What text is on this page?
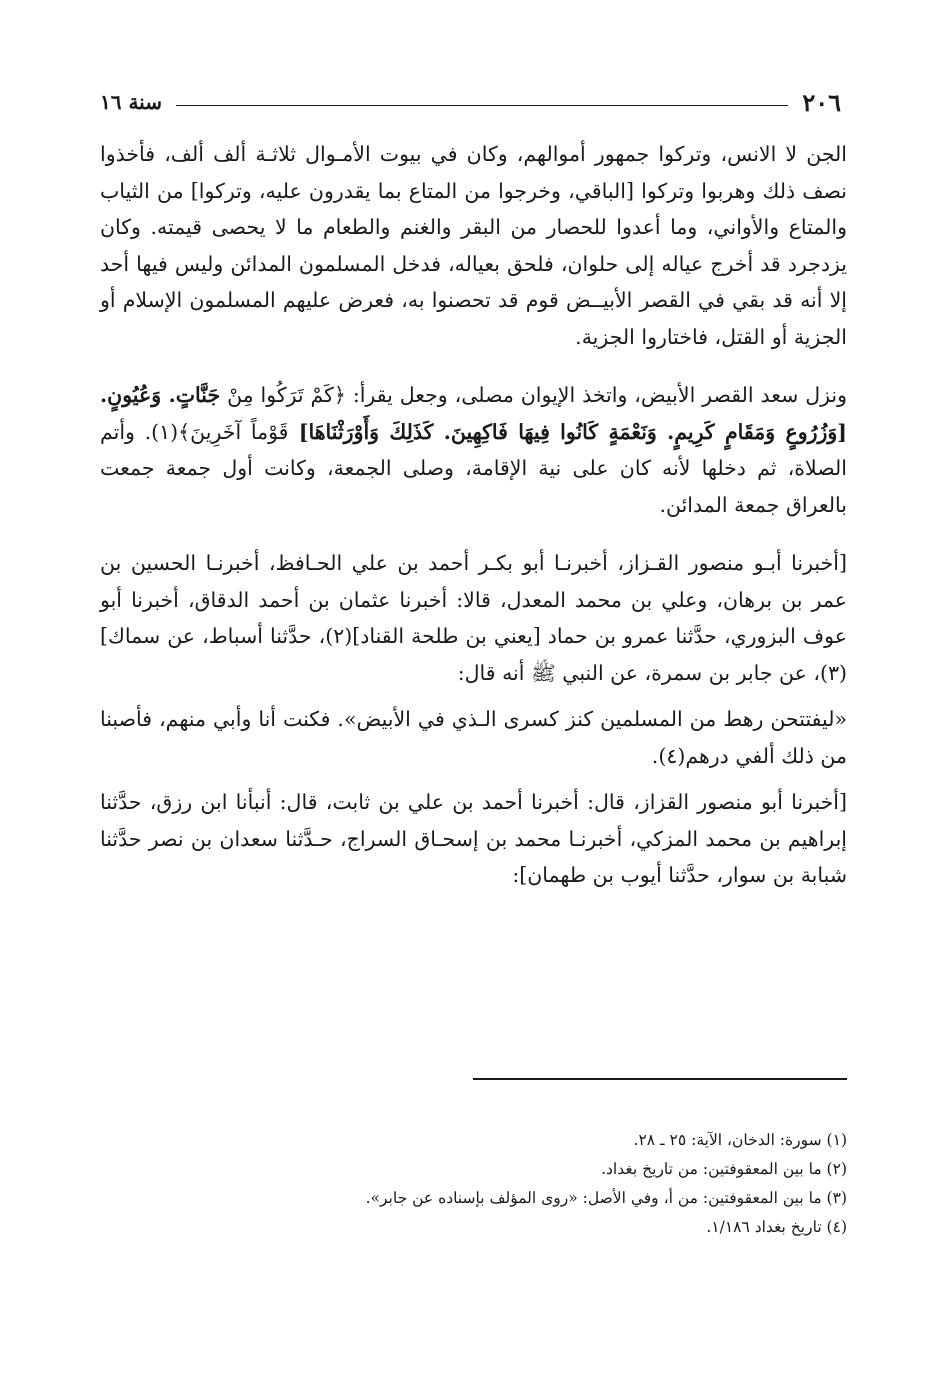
٢٠٦
سنة ١٦

الجن لا الانس، وتركوا جمهور أموالهم، وكان في بيوت الأمـوال ثلاثـة ألف ألف، فأخذوا نصف ذلك وهربوا وتركوا [الباقي، وخرجوا من المتاع بما يقدرون عليه، وتركوا] من الثياب والمتاع والأواني، وما أعدوا للحصار من البقر والغنم والطعام ما لا يحصى قيمته. وكان يزدجرد قد أخرج عياله إلى حلوان، فلحق بعياله، فدخل المسلمون المدائن وليس فيها أحد إلا أنه قد بقي في القصر الأبيــض قوم قد تحصنوا به، فعرض عليهم المسلمون الإسلام أو الجزية أو القتل، فاختاروا الجزية.

ونزل سعد القصر الأبيض، واتخذ الإيوان مصلى، وجعل يقرأ: ﴿كَمْ تَرَكُوا مِنْ جَنَّاتٍ. وَعُيُونٍ. [وَزُرُوعٍ وَمَقَامٍ كَرِيمٍ. وَنَعْمَةٍ كَانُوا فِيهَا فَاكِهِينَ. كَذَلِكَ وَأَوْرَثْنَاهَا] قَوْماً آخَرِينَ﴾(١). وأتم الصلاة، ثم دخلها لأنه كان على نية الإقامة، وصلى الجمعة، وكانت أول جمعة جمعت بالعراق جمعة المدائن.

[أخبرنا أبـو منصور القـزاز، أخبرنـا أبو بكـر أحمد بن علي الحـافظ، أخبرنـا الحسين بن عمر بن برهان، وعلي بن محمد المعدل، قالا: أخبرنا عثمان بن أحمد الدقاق، أخبرنا أبو عوف البزوري، حدَّثنا عمرو بن حماد [يعني بن طلحة القناد](٢)، حدَّثنا أسباط، عن سماك](٣)، عن جابر بن سمرة، عن النبي ﷺ أنه قال:

«ليفتتحن رهط من المسلمين كنز كسرى الـذي في الأبيض». فكنت أنا وأبي منهم، فأصبنا من ذلك ألفي درهم(٤).

[أخبرنا أبو منصور القزاز، قال: أخبرنا أحمد بن علي بن ثابت، قال: أنبأنا ابن رزق، حدَّثنا إبراهيم بن محمد المزكي، أخبرنـا محمد بن إسحـاق السراج، حـدَّثنا سعدان بن نصر حدَّثنا شبابة بن سوار، حدَّثنا أيوب بن طهمان]:

(١) سورة: الدخان، الآية: ٢٥ ـ ٢٨.

(٢) ما بين المعقوفتين: من تاريخ بغداد.

(٣) ما بين المعقوفتين: من أ، وفي الأصل: «روى المؤلف بإسناده عن جابر».

(٤) تاريخ بغداد ١/١٨٦.
